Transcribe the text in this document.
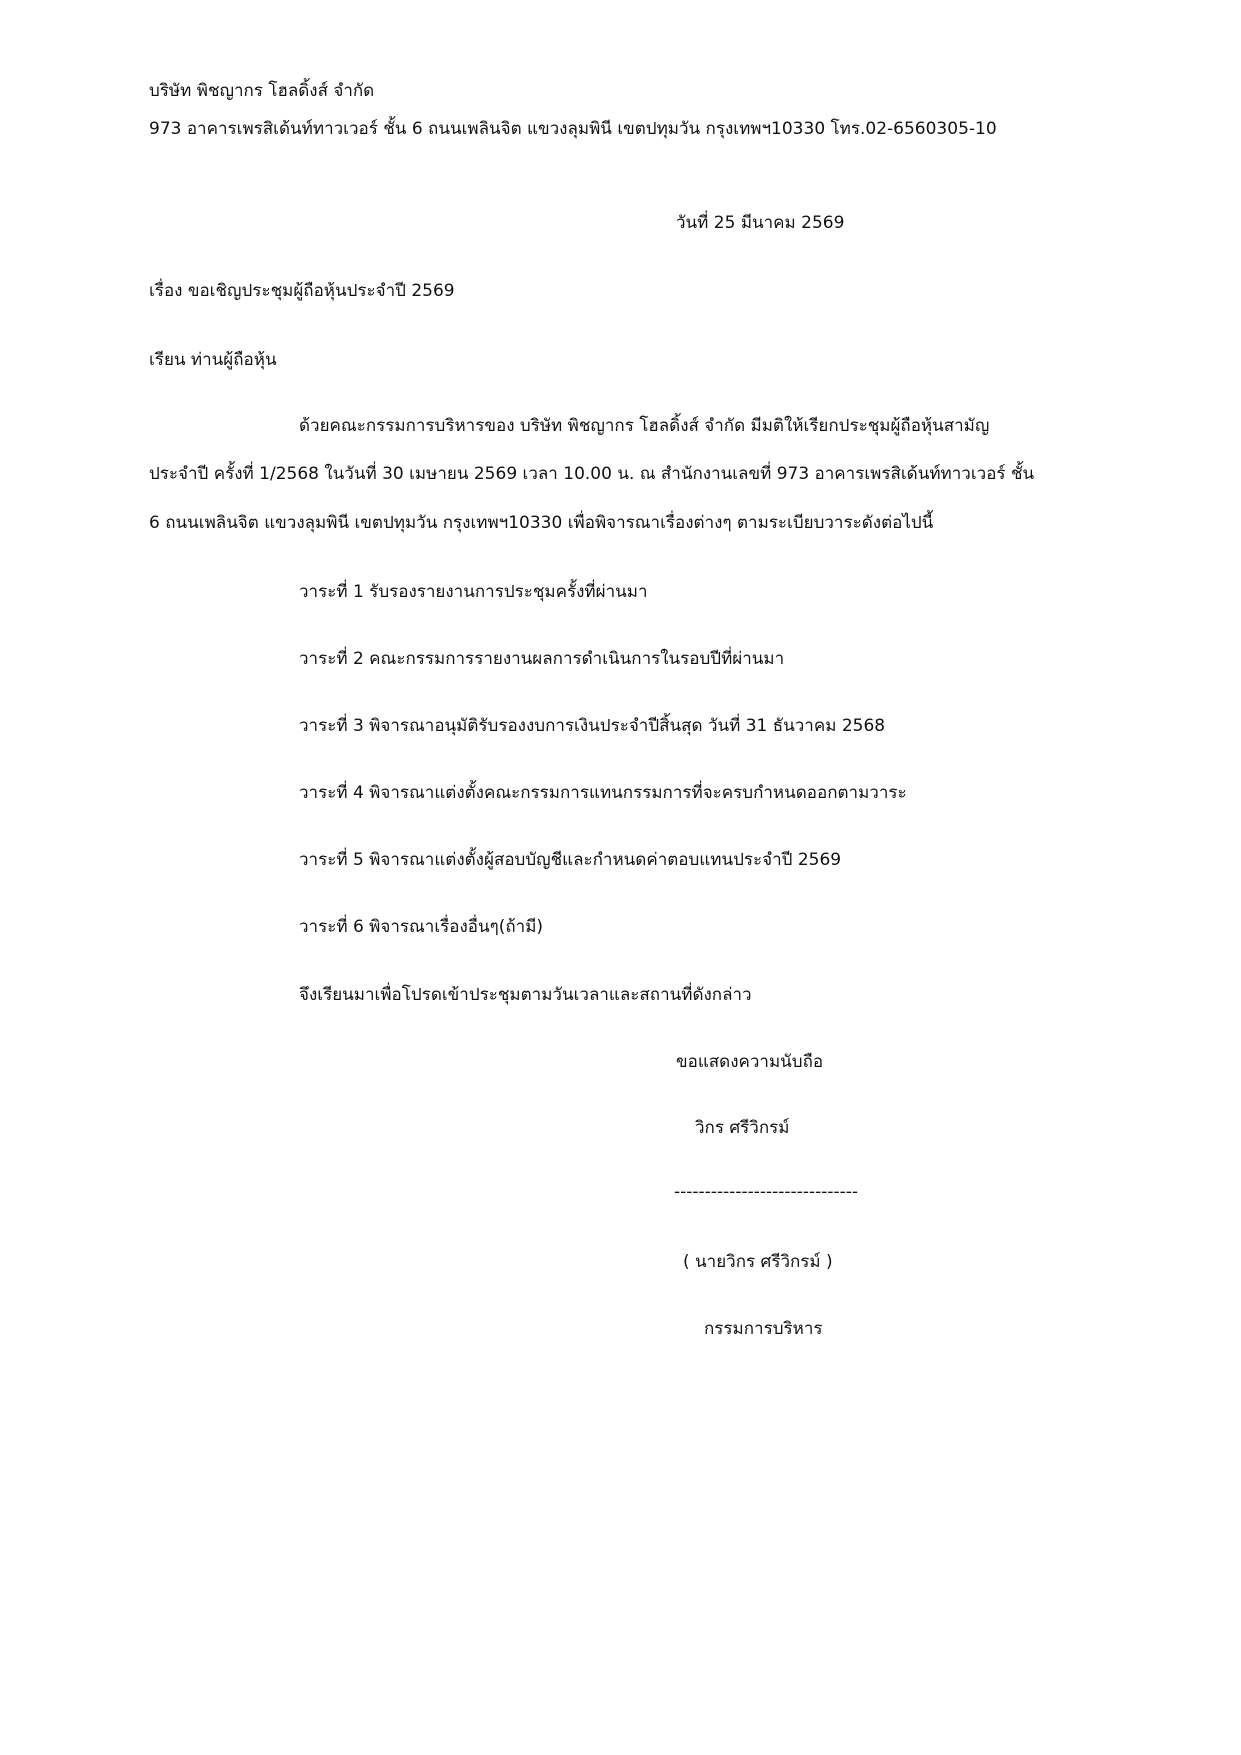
บริษัท พิชญากร โฮลดิ้งส์ จำกัด
973 อาคารเพรสิเด้นท์ทาวเวอร์ ชั้น 6 ถนนเพลินจิต แขวงลุมพินี เขตปทุมวัน กรุงเทพฯ10330 โทร.02-6560305-10
วันที่ 25 มีนาคม 2569
เรื่อง ขอเชิญประชุมผู้ถือหุ้นประจำปี 2569
เรียน ท่านผู้ถือหุ้น
ด้วยคณะกรรมการบริหารของ บริษัท พิชญากร โฮลดิ้งส์ จำกัด มีมติให้เรียกประชุมผู้ถือหุ้นสามัญ
ประจำปี ครั้งที่ 1/2568 ในวันที่ 30 เมษายน 2569 เวลา 10.00 น. ณ สำนักงานเลขที่ 973 อาคารเพรสิเด้นท์ทาวเวอร์ ชั้น
6 ถนนเพลินจิต แขวงลุมพินี เขตปทุมวัน กรุงเทพฯ10330 เพื่อพิจารณาเรื่องต่างๆ ตามระเบียบวาระดังต่อไปนี้
วาระที่ 1 รับรองรายงานการประชุมครั้งที่ผ่านมา
วาระที่ 2 คณะกรรมการรายงานผลการดำเนินการในรอบปีที่ผ่านมา
วาระที่ 3 พิจารณาอนุมัติรับรองงบการเงินประจำปีสิ้นสุด วันที่ 31 ธันวาคม 2568
วาระที่ 4 พิจารณาแต่งตั้งคณะกรรมการแทนกรรมการที่จะครบกำหนดออกตามวาระ
วาระที่ 5 พิจารณาแต่งตั้งผู้สอบบัญชีและกำหนดค่าตอบแทนประจำปี 2569
วาระที่ 6 พิจารณาเรื่องอื่นๆ(ถ้ามี)
จึงเรียนมาเพื่อโปรดเข้าประชุมตามวันเวลาและสถานที่ดังกล่าว
ขอแสดงความนับถือ
วิกร ศรีวิกรม์
------------------------------
( นายวิกร ศรีวิกรม์ )
กรรมการบริหาร
